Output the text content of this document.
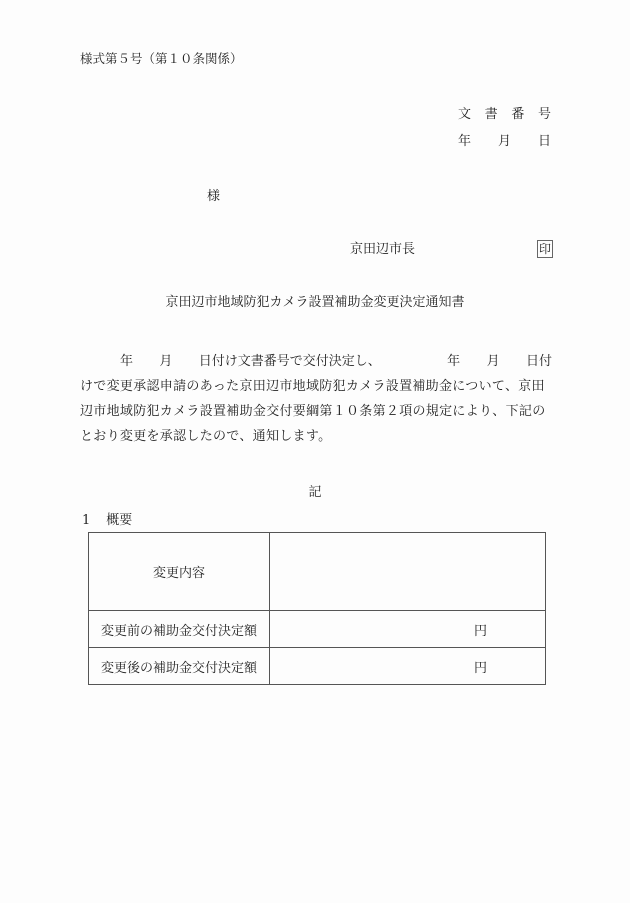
様式第５号（第１０条関係）
文 書 番 号
年 月 日
様
京田辺市長	印
京田辺市地域防犯カメラ設置補助金変更決定通知書
年 月 日付け文書番号で交付決定し、	年 月 日付
けで変更承認申請のあった京田辺市地域防犯カメラ設置補助金について、京田
辺市地域防犯カメラ設置補助金交付要綱第１０条第２項の規定により、下記の
とおり変更を承認したので、通知します。
記
1 概要
変更内容	
変更前の補助金交付決定額	円
変更後の補助金交付決定額	円
